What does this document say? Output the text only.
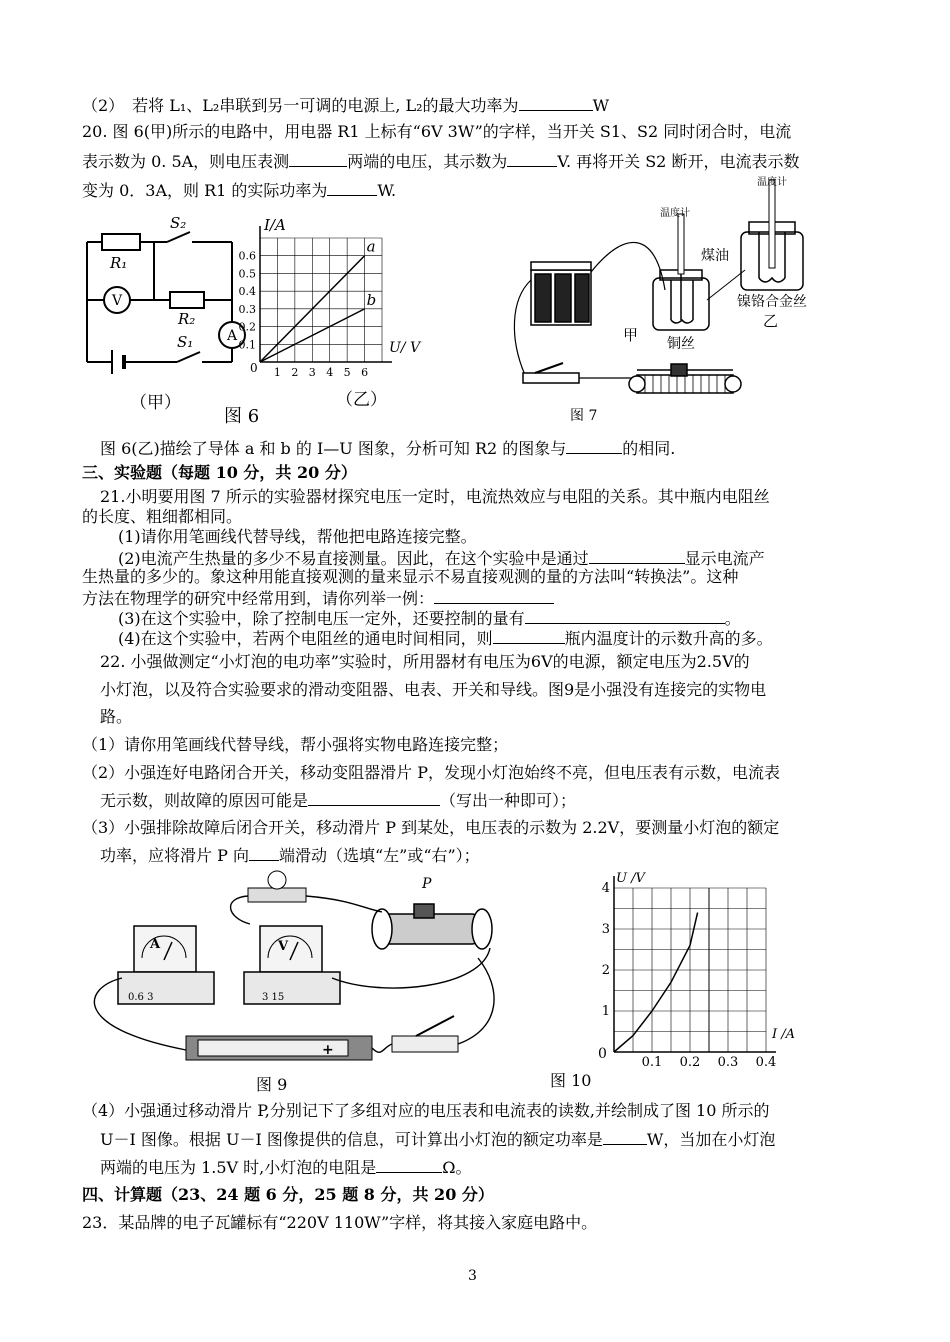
（2）　若将 L₁、L₂串联到另一可调的电源上, L₂的最大功率为	W
20. 图 6(甲)所示的电路中，用电器 R1 上标有“6V 3W”的字样，当开关 S1、S2 同时闭合时，电流
表示数为 0. 5A，则电压表测	两端的电压，其示数为	V. 再将开关 S2 断开，电流表示数
变为 0．3A，则 R1 的实际功率为	W.
V
A
R₁
R₂
S₂
S₁
（甲）
1 2 3 4 5 6
0.1
0.2
0.3
0.4
0.5
0.6
a
b
I/A
U/ V
0
（乙）
图 6
温度计
温度计
煤油
镍铬合金丝
铜丝
甲
乙
图 7
图 6(乙)描绘了导体 a 和 b 的 I—U 图象，分析可知 R2 的图象与	的相同.
三、实验题（每题 10 分，共 20 分）
21.小明要用图 7 所示的实验器材探究电压一定时，电流热效应与电阻的关系。其中瓶内电阻丝
的长度、粗细都相同。
(1)请你用笔画线代替导线，帮他把电路连接完整。
(2)电流产生热量的多少不易直接测量。因此，在这个实验中是通过	显示电流产
生热量的多少的。象这种用能直接观测的量来显示不易直接观测的量的方法叫“转换法”。这种
方法在物理学的研究中经常用到，请你列举一例：
(3)在这个实验中，除了控制电压一定外，还要控制的量有	。
(4)在这个实验中，若两个电阻丝的通电时间相同，则	瓶内温度计的示数升高的多。
22. 小强做测定“小灯泡的电功率”实验时，所用器材有电压为6V的电源，额定电压为2.5V的
小灯泡，以及符合实验要求的滑动变阻器、电表、开关和导线。图9是小强没有连接完的实物电
路。
（1）请你用笔画线代替导线，帮小强将实物电路连接完整；
（2）小强连好电路闭合开关，移动变阻器滑片 P，发现小灯泡始终不亮，但电压表有示数，电流表
无示数，则故障的原因可能是	（写出一种即可）；
（3）小强排除故障后闭合开关，移动滑片 P 到某处，电压表的示数为 2.2V，要测量小灯泡的额定
功率，应将滑片 P 向 端滑动（选填“左”或“右”）；
A
0.6 3
V
3 15
P
+
图 9
0.1 0.2 0.3 0.4
1
2
3
4
U /V
I /A
0
图 10
（4）小强通过移动滑片 P,分别记下了多组对应的电压表和电流表的读数,并绘制成了图 10 所示的
U－I 图像。根据 U－I 图像提供的信息，可计算出小灯泡的额定功率是	W，当加在小灯泡
两端的电压为 1.5V 时,小灯泡的电阻是	Ω。
四、计算题（23、24 题 6 分，25 题 8 分，共 20 分）
23．某品牌的电子瓦罐标有“220V 110W”字样，将其接入家庭电路中。
3
